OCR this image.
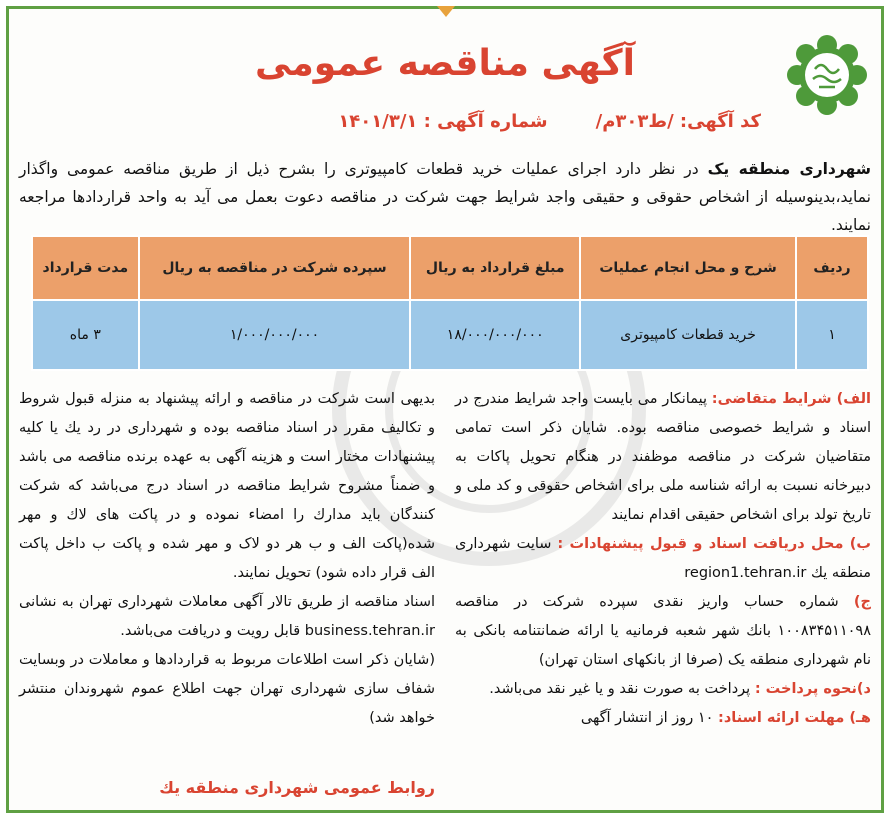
آگهی مناقصه عمومی
کد آگهی: /ط۳۰۳م/شماره آگهی : ۱۴۰۱/۳/۱
شهرداری منطقه یک در نظر دارد اجرای عملیات خرید قطعات کامپیوتری را بشرح ذیل از طریق مناقصه عمومی واگذار نماید،بدینوسیله از اشخاص حقوقی و حقیقی واجد شرایط جهت شرکت در مناقصه دعوت بعمل می آید به واحد قراردادها مراجعه نمایند.
ردیف	شرح و محل انجام عملیات	مبلغ قرارداد به ریال	سپرده شرکت در مناقصه به ریال	مدت قرارداد
۱	خرید قطعات کامپیوتری	۱۸/۰۰۰/۰۰۰/۰۰۰	۱/۰۰۰/۰۰۰/۰۰۰	۳ ماه

الف) شرایط متقاضی: پیمانکار می بایست واجد شرایط مندرج در اسناد و شرایط خصوصی مناقصه بوده. شایان ذکر است تمامی متقاضیان شرکت در مناقصه موظفند در هنگام تحویل پاکات به دبیرخانه نسبت به ارائه شناسه ملی برای اشخاص حقوقی و کد ملی و تاریخ تولد برای اشخاص حقیقی اقدام نمایند

ب) محل دریافت اسناد و قبول پیشنهادات : سایت شهرداری منطقه یك region1.tehran.ir

ج) شماره حساب واریز نقدی سپرده شرکت در مناقصه ۱۰۰۸۳۴۵۱۱۰۹۸ بانك شهر شعبه فرمانیه یا ارائه ضمانتنامه بانکی به نام شهرداری منطقه یک (صرفا از بانکهای استان تهران)

د)نحوه پرداخت : پرداخت به صورت نقد و یا غیر نقد می‌باشد.

هـ) مهلت ارائه اسناد: ۱۰ روز از انتشار آگهی

بدیهی است شرکت در مناقصه و ارائه پیشنهاد به منزله قبول شروط و تکالیف مقرر در اسناد مناقصه بوده و شهرداری در رد یك یا کلیه پیشنهادات مختار است و هزینه آگهی به عهده برنده مناقصه می باشد و ضمناً مشروح شرایط مناقصه در اسناد درج می‌باشد که شرکت کنندگان باید مدارك را امضاء نموده و در پاکت های لاك و مهر شده(پاکت الف و ب هر دو لاک و مهر شده و پاکت ب داخل پاکت الف قرار داده شود) تحویل نمایند.

اسناد مناقصه از طریق تالار آگهی معاملات شهرداری تهران به نشانی business.tehran.ir قابل رویت و دریافت می‌باشد.

(شایان ذکر است اطلاعات مربوط به قراردادها و معاملات در وبسایت شفاف سازی شهرداری تهران جهت اطلاع عموم شهروندان منتشر خواهد شد)

روابط عمومی شهرداری منطقه یك
